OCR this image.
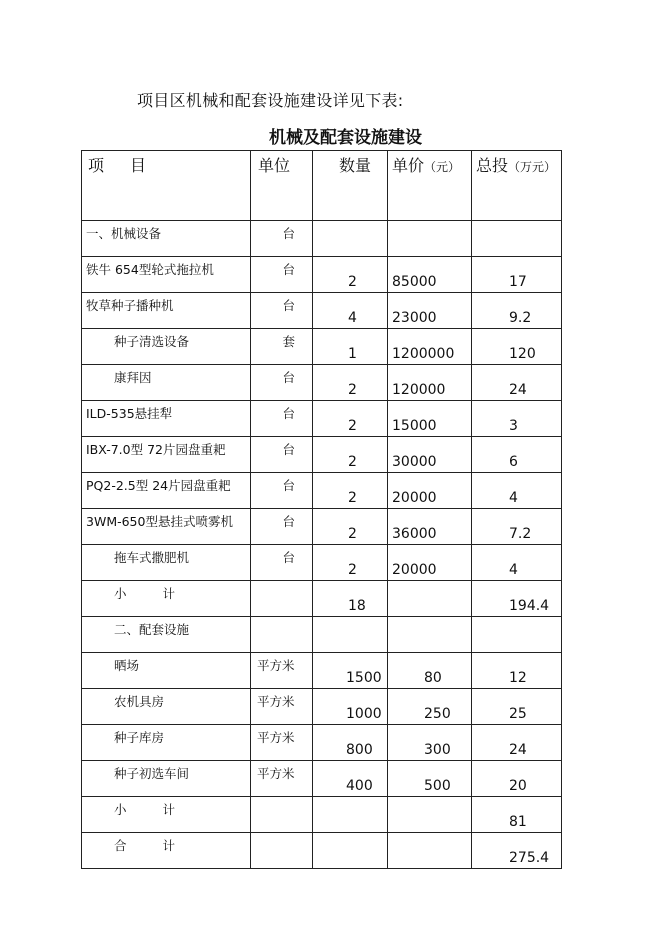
项目区机械和配套设施建设详见下表:
机械及配套设施建设
项 目	单位	数量	单价（元）	总投（万元）

一、机械设备	台			

铁牛 654型轮式拖拉机	台	2	85000	17

牧草种子播种机	台	4	23000	9.2

种子清选设备	套	1	1200000	120

康拜因	台	2	120000	24

ILD-535悬挂犁	台	2	15000	3

IBX-7.0型 72片园盘重耙	台	2	30000	6

PQ2-2.5型 24片园盘重耙	台	2	20000	4

3WM-650型悬挂式喷雾机	台	2	36000	7.2

拖车式撒肥机	台	2	20000	4

小 计		18		194.4

二、配套设施				

晒场	平方米	1500	80	12

农机具房	平方米	1000	250	25

种子库房	平方米	800	300	24

种子初选车间	平方米	400	500	20

小 计				81

合 计				275.4
